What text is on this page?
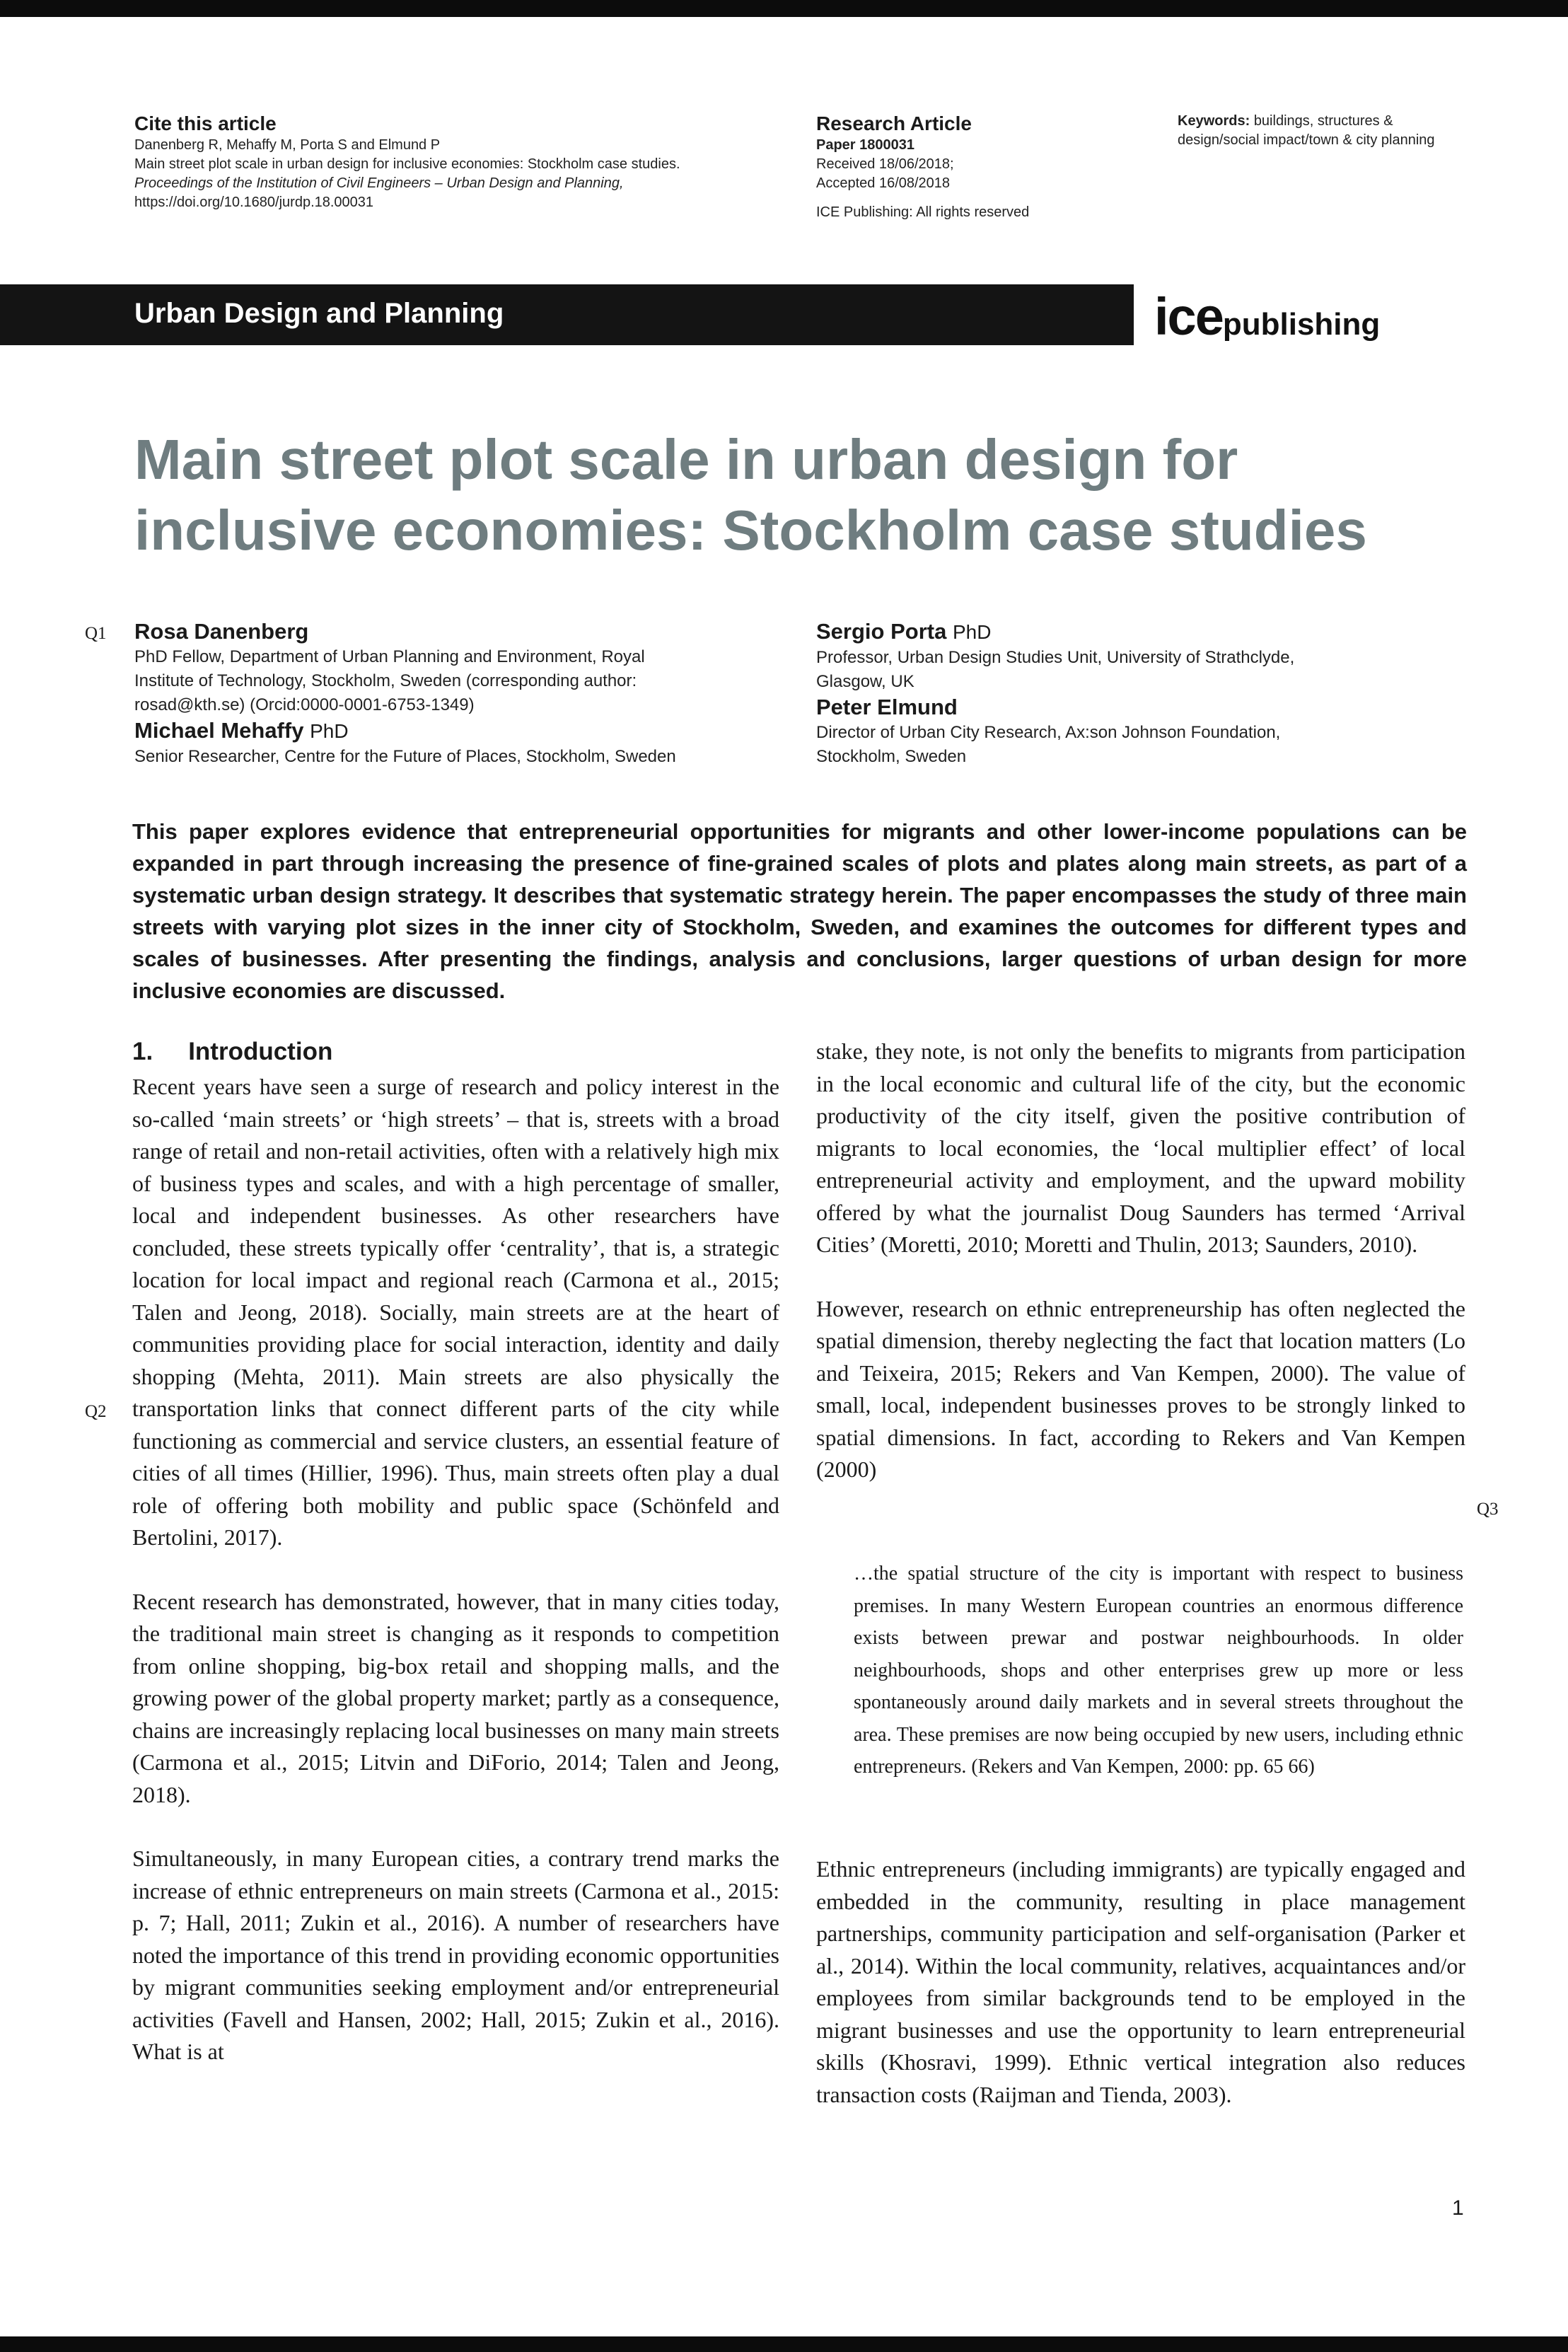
Cite this article
Danenberg R, Mehaffy M, Porta S and Elmund P
Main street plot scale in urban design for inclusive economies: Stockholm case studies.
Proceedings of the Institution of Civil Engineers – Urban Design and Planning,
https://doi.org/10.1680/jurdp.18.00031
Research Article
Paper 1800031
Received 18/06/2018;
Accepted 16/08/2018
ICE Publishing: All rights reserved
Keywords: buildings, structures &
design/social impact/town & city planning
Urban Design and Planning	icepublishing
Main street plot scale in urban design for
inclusive economies: Stockholm case studies
Q1 Rosa Danenberg
PhD Fellow, Department of Urban Planning and Environment, Royal
Institute of Technology, Stockholm, Sweden (corresponding author:
rosad@kth.se) (Orcid:0000-0001-6753-1349)
Michael Mehaffy PhD
Senior Researcher, Centre for the Future of Places, Stockholm, Sweden
Sergio Porta PhD
Professor, Urban Design Studies Unit, University of Strathclyde,
Glasgow, UK
Peter Elmund
Director of Urban City Research, Ax:son Johnson Foundation,
Stockholm, Sweden
This paper explores evidence that entrepreneurial opportunities for migrants and other lower-income populations can be expanded in part through increasing the presence of fine-grained scales of plots and plates along main streets, as part of a systematic urban design strategy. It describes that systematic strategy herein. The paper encompasses the study of three main streets with varying plot sizes in the inner city of Stockholm, Sweden, and examines the outcomes for different types and scales of businesses. After presenting the findings, analysis and conclusions, larger questions of urban design for more inclusive economies are discussed.
1. Introduction

Recent years have seen a surge of research and policy interest in the so-called ‘main streets’ or ‘high streets’ – that is, streets with a broad range of retail and non-retail activities, often with a relatively high mix of business types and scales, and with a high percentage of smaller, local and independent businesses. As other researchers have concluded, these streets typically offer ‘centrality’, that is, a strategic location for local impact and regional reach (Carmona et al., 2015; Talen and Jeong, 2018). Socially, main streets are at the heart of communities providing place for social interaction, identity and daily shopping (Mehta, 2011). Main streets are also physically the transportation links that connect different parts of the city while functioning as commercial and service clusters, an essential feature of cities of all times (Hillier, 1996). Thus, main streets often play a dual role of offering both mobility and public space (Schönfeld and Bertolini, 2017).

Recent research has demonstrated, however, that in many cities today, the traditional main street is changing as it responds to competition from online shopping, big-box retail and shopping malls, and the growing power of the global property market; partly as a consequence, chains are increasingly replacing local businesses on many main streets (Carmona et al., 2015; Litvin and DiForio, 2014; Talen and Jeong, 2018).

Simultaneously, in many European cities, a contrary trend marks the increase of ethnic entrepreneurs on main streets (Carmona et al., 2015: p. 7; Hall, 2011; Zukin et al., 2016). A number of researchers have noted the importance of this trend in providing economic opportunities by migrant communities seeking employment and/or entrepreneurial activities (Favell and Hansen, 2002; Hall, 2015; Zukin et al., 2016). What is at

Q2

stake, they note, is not only the benefits to migrants from participation in the local economic and cultural life of the city, but the economic productivity of the city itself, given the positive contribution of migrants to local economies, the ‘local multiplier effect’ of local entrepreneurial activity and employment, and the upward mobility offered by what the journalist Doug Saunders has termed ‘Arrival Cities’ (Moretti, 2010; Moretti and Thulin, 2013; Saunders, 2010).

However, research on ethnic entrepreneurship has often neglected the spatial dimension, thereby neglecting the fact that location matters (Lo and Teixeira, 2015; Rekers and Van Kempen, 2000). The value of small, local, independent businesses proves to be strongly linked to spatial dimensions. In fact, according to Rekers and Van Kempen (2000)

Q3
…the spatial structure of the city is important with respect to business premises. In many Western European countries an enormous difference exists between prewar and postwar neighbourhoods. In older neighbourhoods, shops and other enterprises grew up more or less spontaneously around daily markets and in several streets throughout the area. These premises are now being occupied by new users, including ethnic entrepreneurs. (Rekers and Van Kempen, 2000: pp. 65 66)

Ethnic entrepreneurs (including immigrants) are typically engaged and embedded in the community, resulting in place management partnerships, community participation and self-organisation (Parker et al., 2014). Within the local community, relatives, acquaintances and/or employees from similar backgrounds tend to be employed in the migrant businesses and use the opportunity to learn entrepreneurial skills (Khosravi, 1999). Ethnic vertical integration also reduces transaction costs (Raijman and Tienda, 2003).

1
